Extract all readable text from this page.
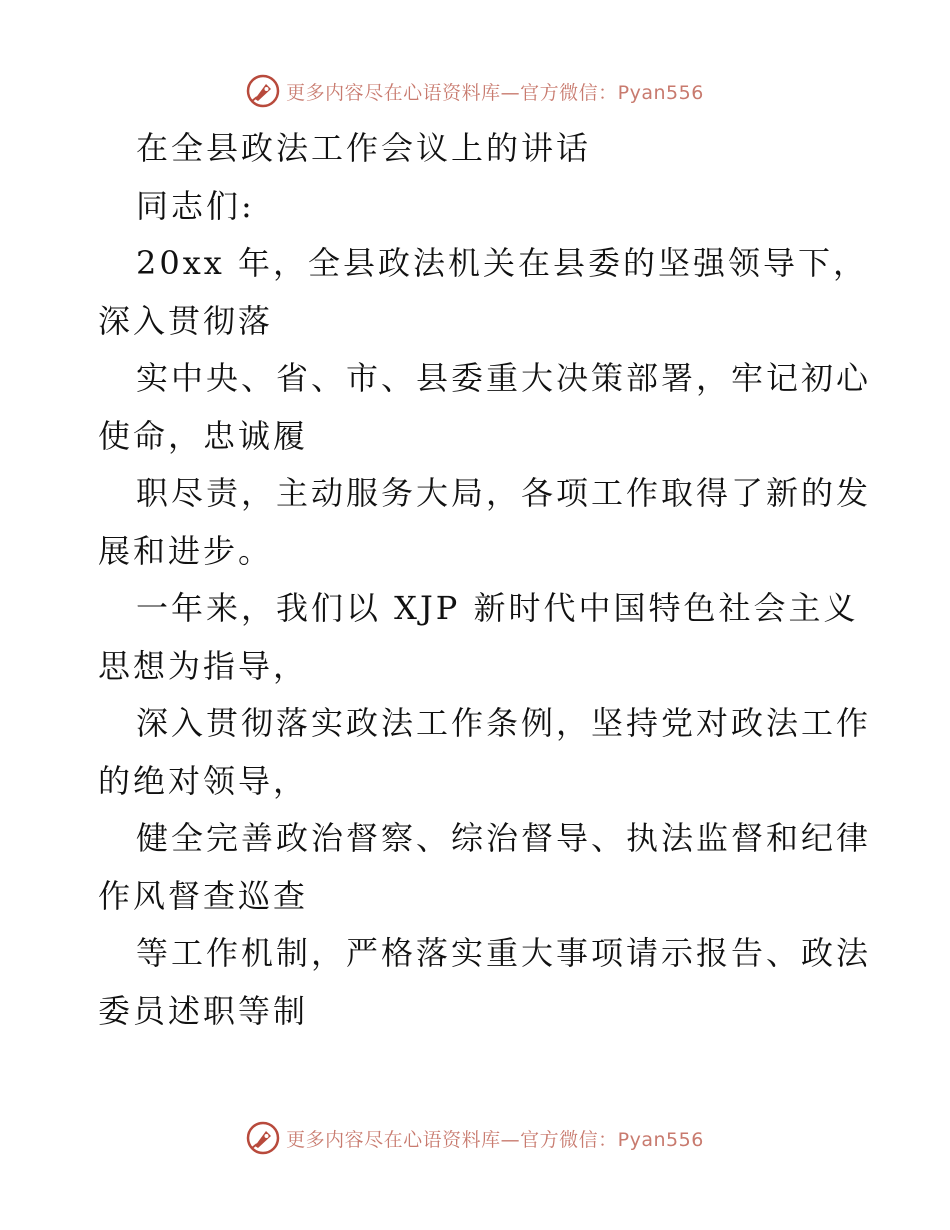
更多内容尽在心语资料库—官方微信：Pyan556

在全县政法工作会议上的讲话

同志们:

20xx 年，全县政法机关在县委的坚强领导下，

深入贯彻落

实中央、省、市、县委重大决策部署，牢记初心

使命，忠诚履

职尽责，主动服务大局，各项工作取得了新的发

展和进步。

一年来，我们以 XJP 新时代中国特色社会主义

思想为指导，

深入贯彻落实政法工作条例，坚持党对政法工作

的绝对领导，

健全完善政治督察、综治督导、执法监督和纪律

作风督查巡查

等工作机制，严格落实重大事项请示报告、政法

委员述职等制

更多内容尽在心语资料库—官方微信：Pyan556
